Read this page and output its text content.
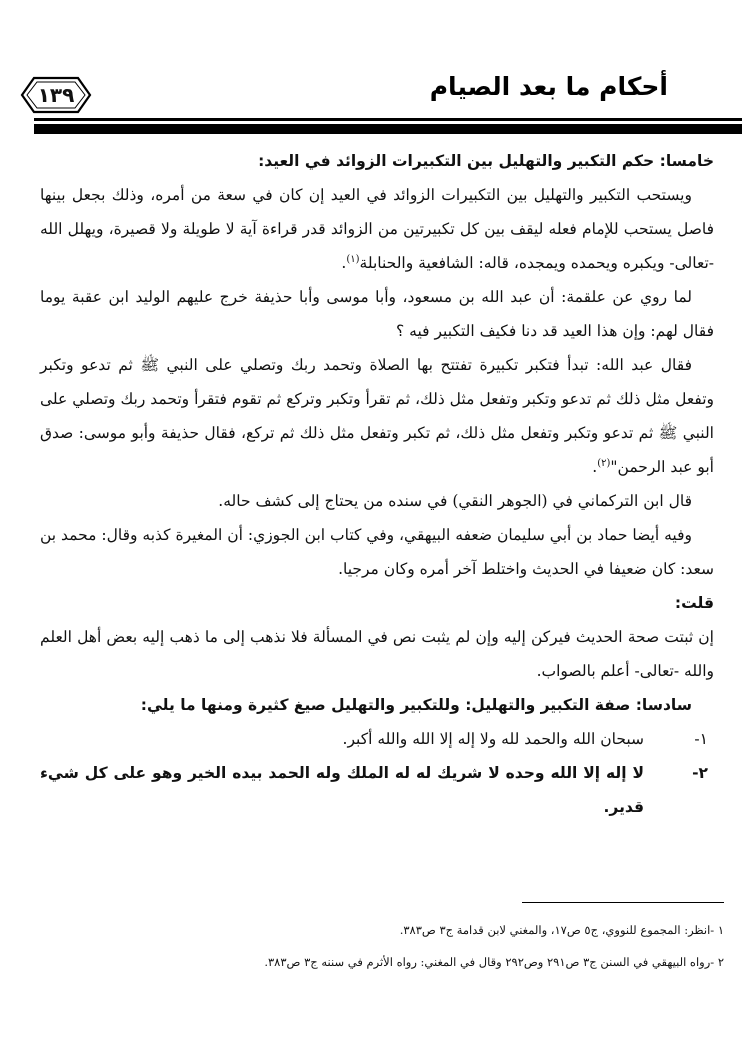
أحكام ما بعد الصيام
١٣٩

خامسا: حكم التكبير والتهليل بين التكبيرات الزوائد في العيد:

ويستحب التكبير والتهليل بين التكبيرات الزوائد في العيد إن كان في سعة من أمره، وذلك بجعل بينها فاصل يستحب للإمام فعله ليقف بين كل تكبيرتين من الزوائد قدر قراءة آية لا طويلة ولا قصيرة، ويهلل الله -تعالى- ويكبره ويحمده ويمجده، قاله: الشافعية والحنابلة$^{(١)}$.

لما روي عن علقمة: أن عبد الله بن مسعود، وأبا موسى وأبا حذيفة خرج عليهم الوليد ابن عقبة يوما فقال لهم: وإن هذا العيد قد دنا فكيف التكبير فيه ؟

فقال عبد الله: تبدأ فتكبر تكبيرة تفتتح بها الصلاة وتحمد ربك وتصلي على النبي ﷺ ثم تدعو وتكبر وتفعل مثل ذلك ثم تدعو وتكبر وتفعل مثل ذلك، ثم تقرأ وتكبر وتركع ثم تقوم فتقرأ وتحمد ربك وتصلي على النبي ﷺ ثم تدعو وتكبر وتفعل مثل ذلك، ثم تكبر وتفعل مثل ذلك ثم تركع، فقال حذيفة وأبو موسى: صدق أبو عبد الرحمن"$^{(٢)}$.

قال ابن التركماني في (الجوهر النقي) في سنده من يحتاج إلى كشف حاله.

وفيه أيضا حماد بن أبي سليمان ضعفه البيهقي، وفي كتاب ابن الجوزي: أن المغيرة كذبه وقال: محمد بن سعد: كان ضعيفا في الحديث واختلط آخر أمره وكان مرجيا.

قلت:

إن ثبتت صحة الحديث فيركن إليه وإن لم يثبت نص في المسألة فلا نذهب إلى ما ذهب إليه بعض أهل العلم والله -تعالى- أعلم بالصواب.

سادسا: صفة التكبير والتهليل: وللتكبير والتهليل صيغ كثيرة ومنها ما يلي:

١-
سبحان الله والحمد لله ولا إله إلا الله والله أكبر.

٢-
لا إله إلا الله وحده لا شريك له له الملك وله الحمد بيده الخير وهو على كل شيء قدير.

١ -انظر: المجموع للنووي، ج٥ ص١٧، والمغني لابن قدامة ج٣ ص٣٨٣.

٢ -رواه البيهقي في السنن ج٣ ص٢٩١ وص٢٩٢ وقال في المغني: رواه الأثرم في سننه ج٣ ص٣٨٣.
